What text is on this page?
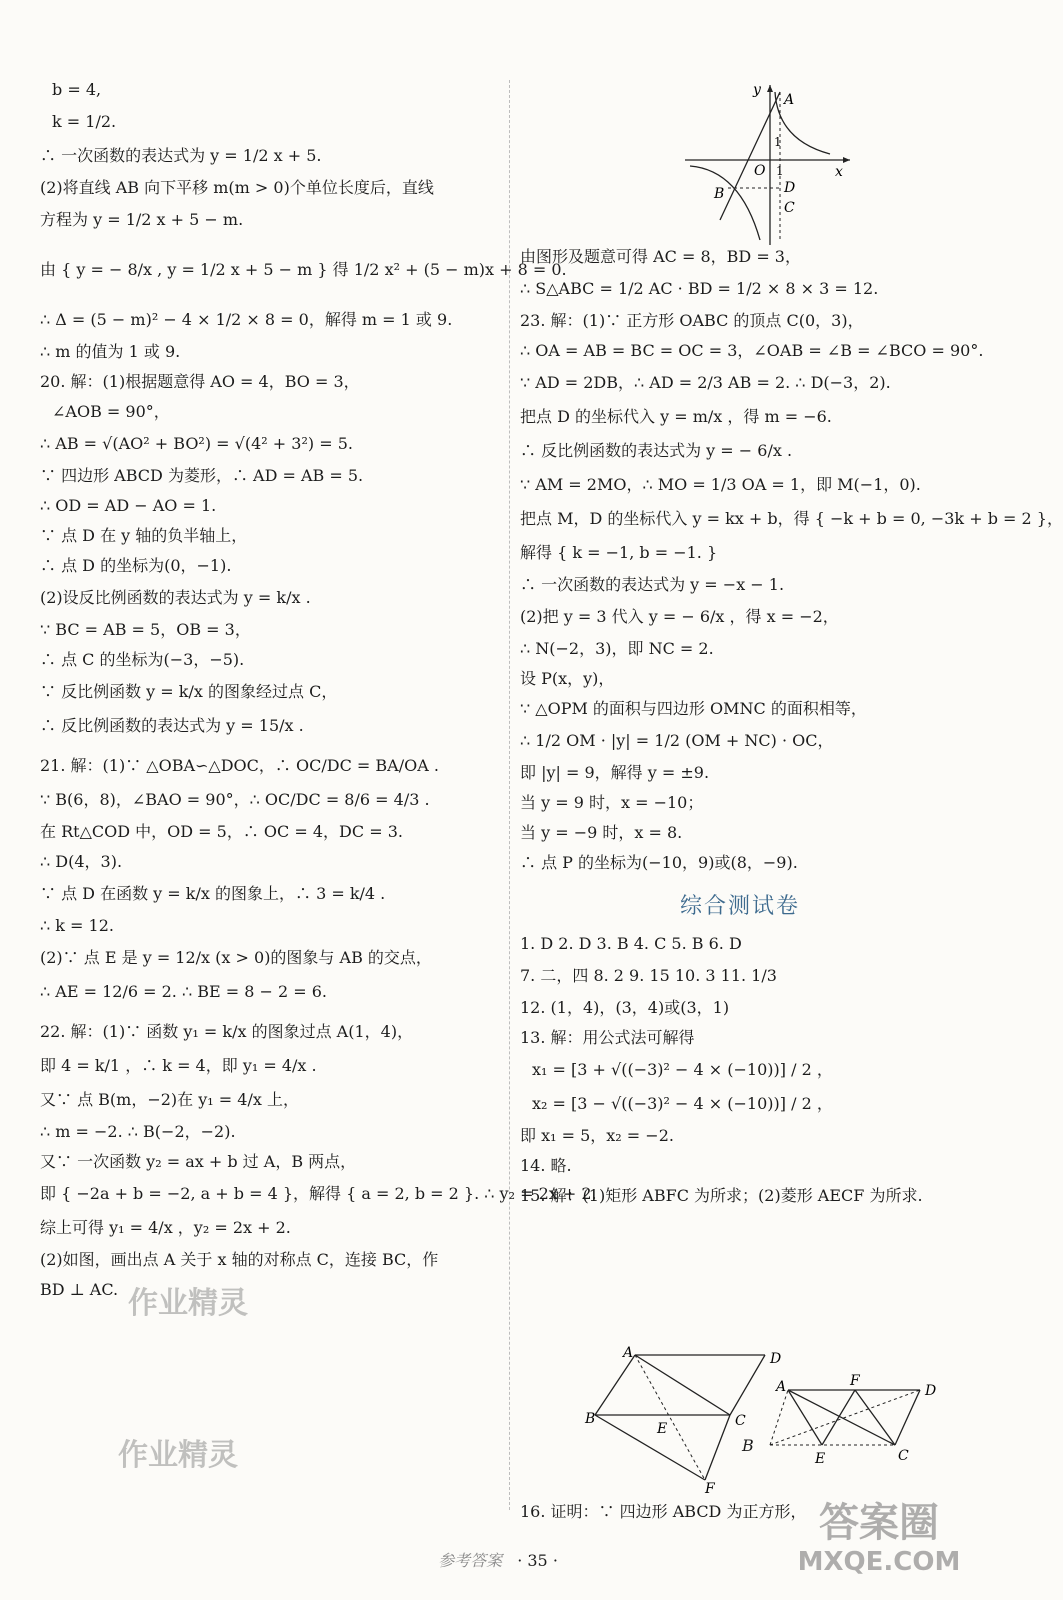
b = 4,
k = 1/2.
∴ 一次函数的表达式为 y = 1/2 x + 5.
(2)将直线 AB 向下平移 m(m > 0)个单位长度后，直线
方程为 y = 1/2 x + 5 − m.
由 { y = − 8/x , y = 1/2 x + 5 − m } 得 1/2 x² + (5 − m)x + 8 = 0.
∴ Δ = (5 − m)² − 4 × 1/2 × 8 = 0，解得 m = 1 或 9.
∴ m 的值为 1 或 9.
20. 解：(1)根据题意得 AO = 4，BO = 3，
∠AOB = 90°，
∴ AB = √(AO² + BO²) = √(4² + 3²) = 5.
∵ 四边形 ABCD 为菱形，∴ AD = AB = 5.
∴ OD = AD − AO = 1.
∵ 点 D 在 y 轴的负半轴上，
∴ 点 D 的坐标为(0，−1).
(2)设反比例函数的表达式为 y = k/x .
∵ BC = AB = 5，OB = 3，
∴ 点 C 的坐标为(−3，−5).
∵ 反比例函数 y = k/x 的图象经过点 C，
∴ 反比例函数的表达式为 y = 15/x .
21. 解：(1)∵ △OBA∽△DOC，∴ OC/DC = BA/OA .
∵ B(6，8)，∠BAO = 90°，∴ OC/DC = 8/6 = 4/3 .
在 Rt△COD 中，OD = 5，∴ OC = 4，DC = 3.
∴ D(4，3).
∵ 点 D 在函数 y = k/x 的图象上，∴ 3 = k/4 .
∴ k = 12.
(2)∵ 点 E 是 y = 12/x (x > 0)的图象与 AB 的交点，
∴ AE = 12/6 = 2. ∴ BE = 8 − 2 = 6.
22. 解：(1)∵ 函数 y₁ = k/x 的图象过点 A(1，4)，
即 4 = k/1 ，∴ k = 4，即 y₁ = 4/x .
又∵ 点 B(m，−2)在 y₁ = 4/x 上，
∴ m = −2. ∴ B(−2，−2).
又∵ 一次函数 y₂ = ax + b 过 A，B 两点，
即 { −2a + b = −2, a + b = 4 }，解得 { a = 2, b = 2 }. ∴ y₂ = 2x + 2.
综上可得 y₁ = 4/x ，y₂ = 2x + 2.
(2)如图，画出点 A 关于 x 轴的对称点 C，连接 BC，作
BD ⊥ AC.
y
x
A
B
C
D
O 1
1
由图形及题意可得 AC = 8，BD = 3，
∴ S△ABC = 1/2 AC · BD = 1/2 × 8 × 3 = 12.
23. 解：(1)∵ 正方形 OABC 的顶点 C(0，3)，
∴ OA = AB = BC = OC = 3，∠OAB = ∠B = ∠BCO = 90°.
∵ AD = 2DB，∴ AD = 2/3 AB = 2. ∴ D(−3，2).
把点 D 的坐标代入 y = m/x ，得 m = −6.
∴ 反比例函数的表达式为 y = − 6/x .
∵ AM = 2MO，∴ MO = 1/3 OA = 1，即 M(−1，0).
把点 M，D 的坐标代入 y = kx + b，得 { −k + b = 0, −3k + b = 2 }，
解得 { k = −1, b = −1. }
∴ 一次函数的表达式为 y = −x − 1.
(2)把 y = 3 代入 y = − 6/x ，得 x = −2，
∴ N(−2，3)，即 NC = 2.
设 P(x，y)，
∵ △OPM 的面积与四边形 OMNC 的面积相等，
∴ 1/2 OM · |y| = 1/2 (OM + NC) · OC，
即 |y| = 9，解得 y = ±9.
当 y = 9 时，x = −10；
当 y = −9 时，x = 8.
∴ 点 P 的坐标为(−10，9)或(8，−9).
综合测试卷
1. D 2. D 3. B 4. C 5. B 6. D
7. 二，四 8. 2 9. 15 10. 3 11. 1/3
12. (1，4)，(3，4)或(3，1)
13. 解：用公式法可解得
x₁ = [3 + √((−3)² − 4 × (−10))] / 2 ，
x₂ = [3 − √((−3)² − 4 × (−10))] / 2 ，
即 x₁ = 5，x₂ = −2.
14. 略.
15. 解：(1)矩形 ABFC 为所求；(2)菱形 AECF 为所求.
A	D
B	C
E
F
A	D
F
E	C
B
16. 证明：∵ 四边形 ABCD 为正方形，
作业精灵
作业精灵
答案圈
MXQE.COM
参考答案 · 35 ·
